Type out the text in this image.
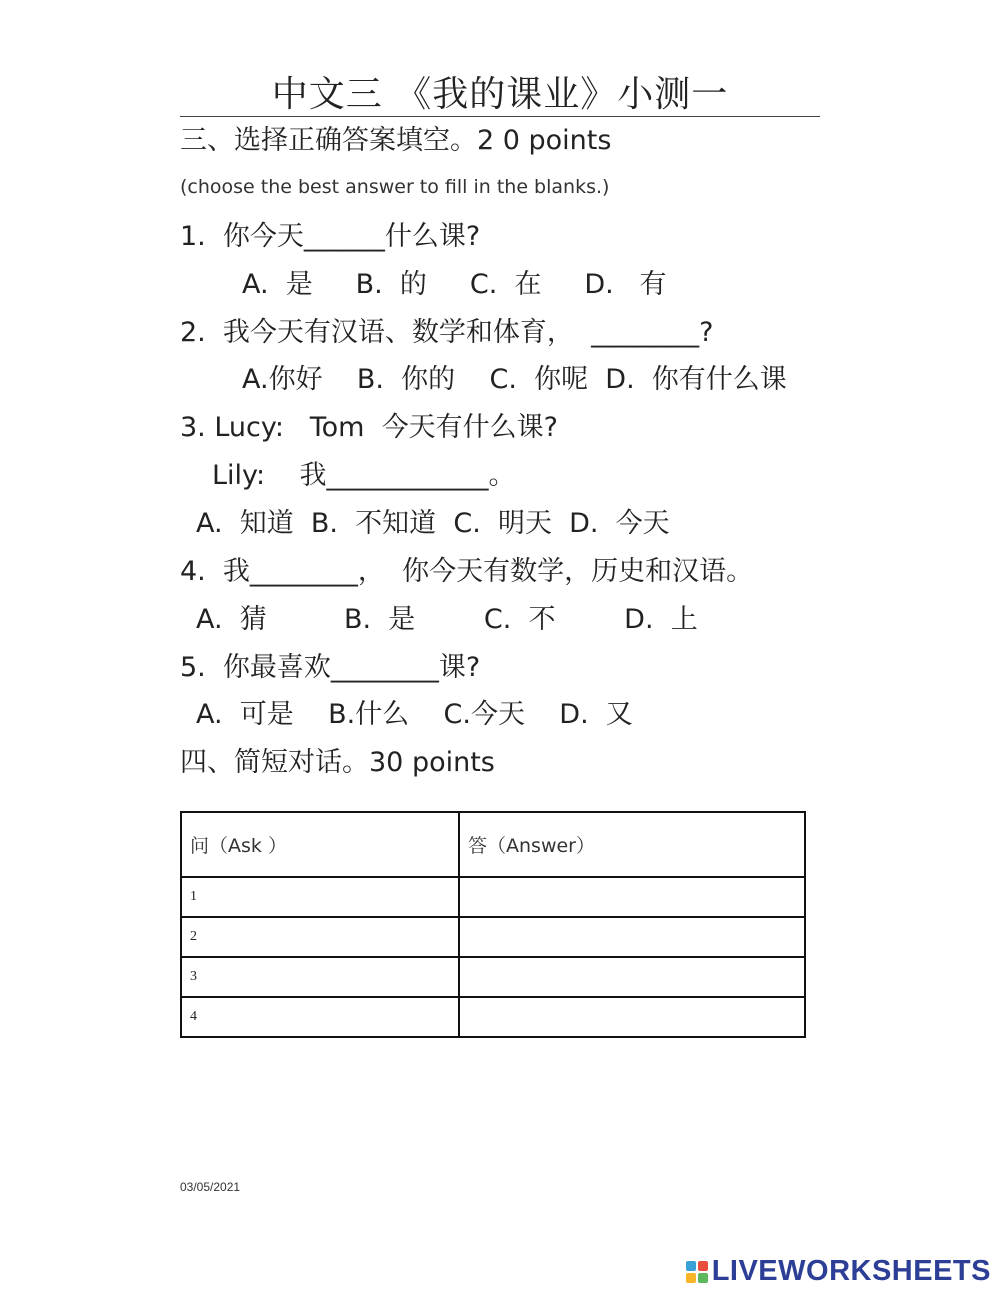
中文三 《我的课业》小测一
三、选择正确答案填空。2 0 points
(choose the best answer to fill in the blanks.)
1.  你今天______什么课?
A.  是     B.  的     C.  在     D.   有
2.  我今天有汉语、数学和体育，  ________?
A.你好    B.  你的    C.  你呢  D.  你有什么课
3. Lucy:   Tom  今天有什么课?
Lily:    我____________。
A.  知道  B.  不知道  C.  明天  D.  今天
4.  我________，  你今天有数学，历史和汉语。
A.  猜         B.  是        C.  不        D.  上
5.  你最喜欢________课?
A.  可是    B.什么    C.今天    D.  又
四、简短对话。30 points
问（Ask ）	答（Answer）
1	
2	
3	
4	
03/05/2021
LIVEWORKSHEETS
